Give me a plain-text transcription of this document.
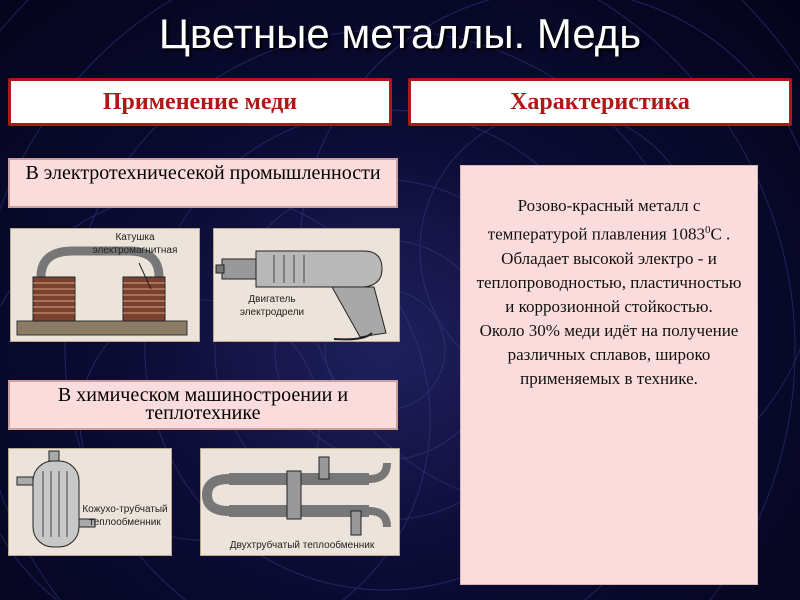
Цветные металлы. Медь
Применение меди	Характеристика
В электротехничесекой промышленности
Катушка электромагнитная
Двигатель электродрели
В химическом машиностроении и теплотехнике
Кожухо-трубчатый теплообменник
Двухтрубчатый теплообменник
Розово-красный металл с температурой плавления 1083$^0$С .
Обладает высокой электро - и теплопроводностью, пластичностью и коррозионной стойкостью.
Около 30% меди идёт на получение различных сплавов, широко применяемых в технике.
